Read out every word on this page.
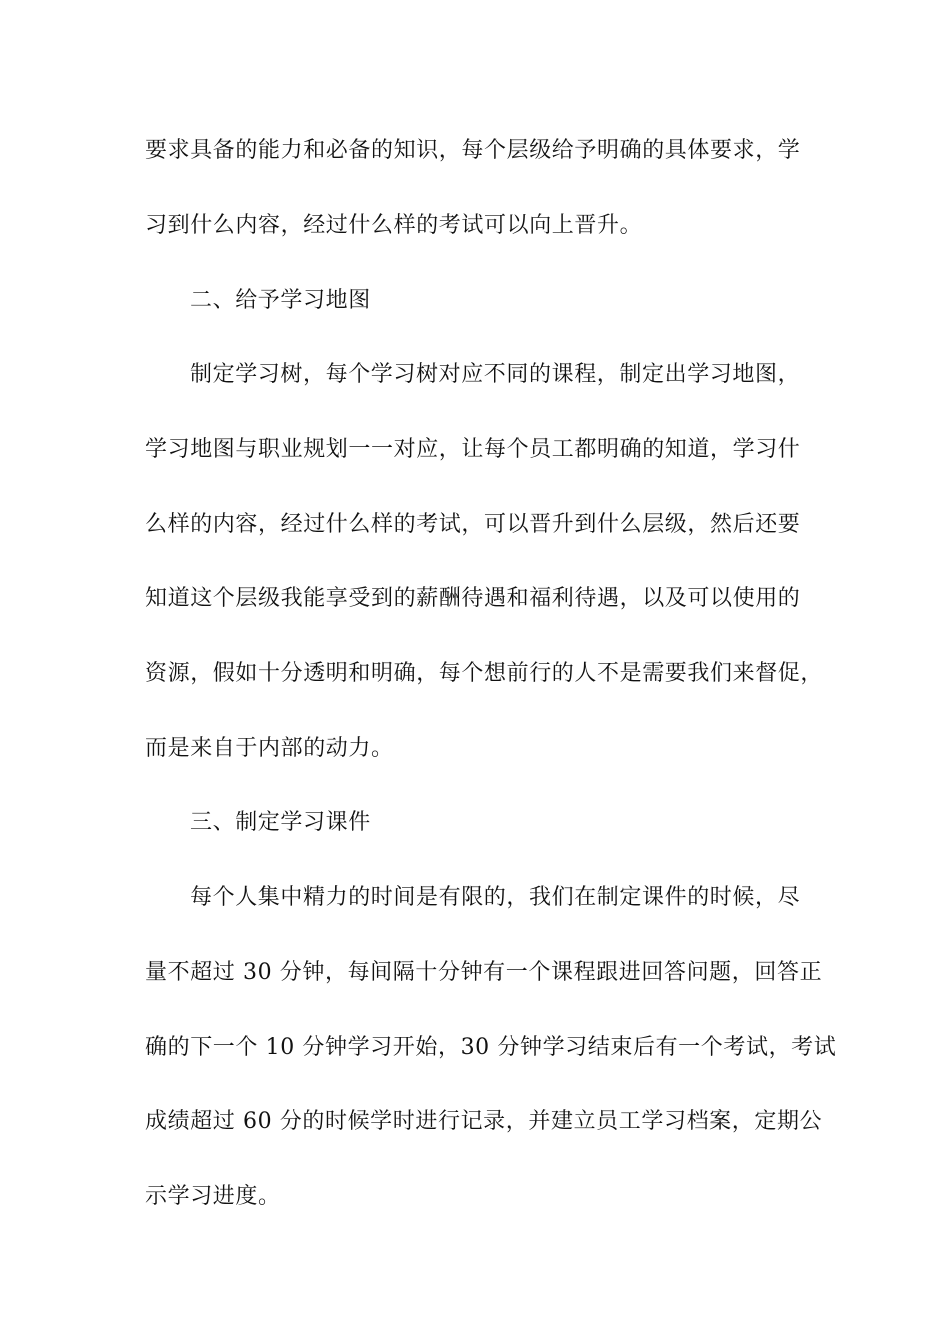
要求具备的能力和必备的知识，每个层级给予明确的具体要求，学
习到什么内容，经过什么样的考试可以向上晋升。
二、给予学习地图
制定学习树，每个学习树对应不同的课程，制定出学习地图，
学习地图与职业规划一一对应，让每个员工都明确的知道，学习什
么样的内容，经过什么样的考试，可以晋升到什么层级，然后还要
知道这个层级我能享受到的薪酬待遇和福利待遇，以及可以使用的
资源，假如十分透明和明确，每个想前行的人不是需要我们来督促，
而是来自于内部的动力。
三、制定学习课件
每个人集中精力的时间是有限的，我们在制定课件的时候，尽
量不超过 30 分钟，每间隔十分钟有一个课程跟进回答问题，回答正
确的下一个 10 分钟学习开始，30 分钟学习结束后有一个考试，考试
成绩超过 60 分的时候学时进行记录，并建立员工学习档案，定期公
示学习进度。
